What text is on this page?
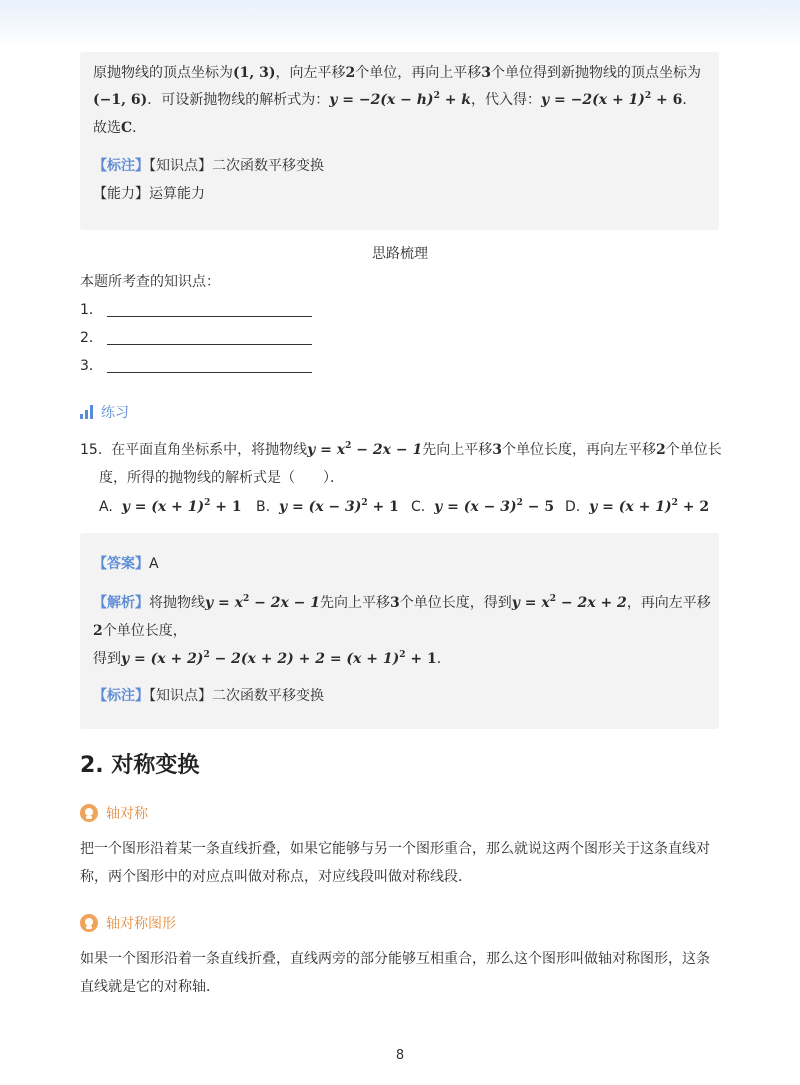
原抛物线的顶点坐标为(1, 3)，向左平移2个单位，再向上平移3个单位得到新抛物线的顶点坐标为
(−1, 6)．可设新抛物线的解析式为：$y = -2(x - h)^2 + k$，代入得：$y = -2(x + 1)^2 + 6$．
故选C．
【标注】【知识点】二次函数平移变换
【能力】运算能力
思路梳理
本题所考查的知识点：
1．
2．
3．
练习
15. 在平面直角坐标系中，将抛物线$y = x^2 - 2x - 1$先向上平移3个单位长度，再向左平移2个单位长
度，所得的抛物线的解析式是（　　）．
A. $y = (x + 1)^2 + 1$ B. $y = (x - 3)^2 + 1$ C. $y = (x - 3)^2 - 5$ D. $y = (x + 1)^2 + 2$
【答案】A
【解析】将抛物线$y = x^2 - 2x - 1$先向上平移3个单位长度，得到$y = x^2 - 2x + 2$，再向左平移
2个单位长度，
得到$y = (x + 2)^2 - 2(x + 2) + 2 = (x + 1)^2 + 1$．
【标注】【知识点】二次函数平移变换
2. 对称变换
轴对称
把一个图形沿着某一条直线折叠，如果它能够与另一个图形重合，那么就说这两个图形关于这条直线对
称，两个图形中的对应点叫做对称点，对应线段叫做对称线段．
轴对称图形
如果一个图形沿着一条直线折叠，直线两旁的部分能够互相重合，那么这个图形叫做轴对称图形，这条
直线就是它的对称轴．
8
